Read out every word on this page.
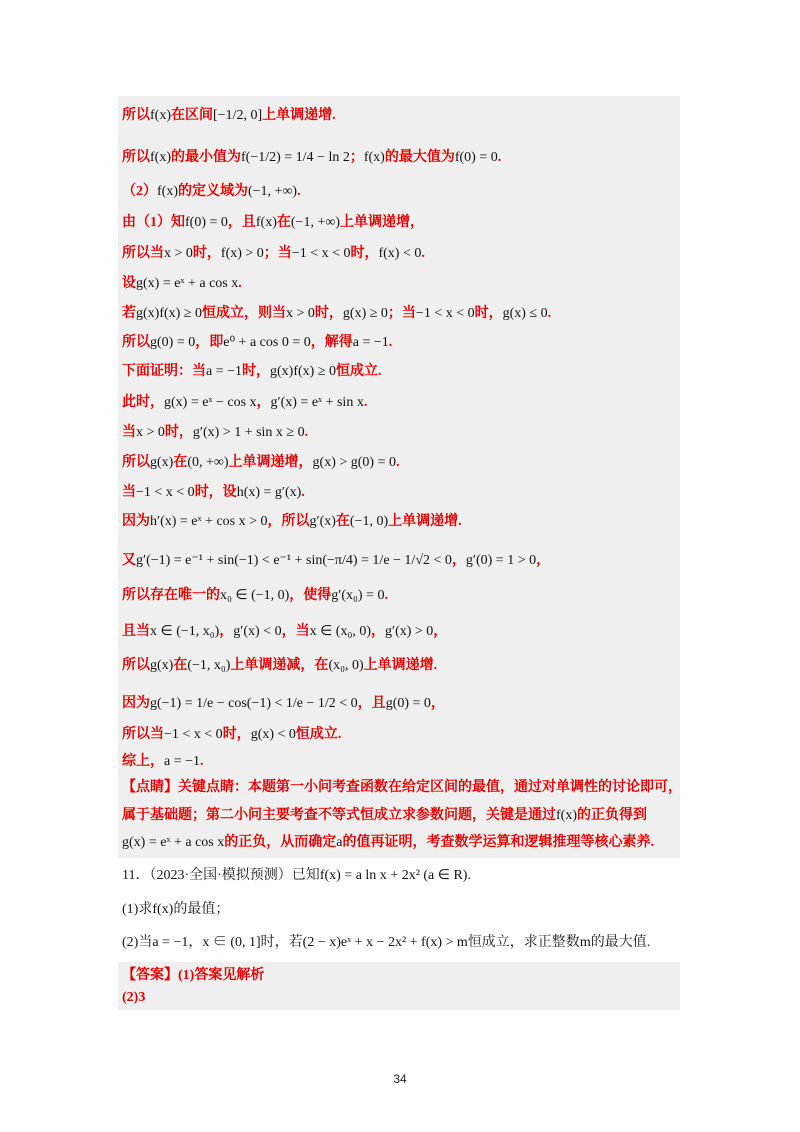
所以f(x)在区间[−1/2, 0]上单调递增.
所以f(x)的最小值为f(−1/2) = 1/4 − ln 2；f(x)的最大值为f(0) = 0.
（2）f(x)的定义域为(−1, +∞).
由（1）知f(0) = 0，且f(x)在(−1, +∞)上单调递增，
所以当x > 0时，f(x) > 0；当−1 < x < 0时，f(x) < 0.
设g(x) = eˣ + a cos x.
若g(x)f(x) ≥ 0恒成立，则当x > 0时，g(x) ≥ 0；当−1 < x < 0时，g(x) ≤ 0.
所以g(0) = 0，即e⁰ + a cos 0 = 0，解得a = −1.
下面证明：当a = −1时，g(x)f(x) ≥ 0恒成立.
此时，g(x) = eˣ − cos x，g′(x) = eˣ + sin x.
当x > 0时，g′(x) > 1 + sin x ≥ 0.
所以g(x)在(0, +∞)上单调递增，g(x) > g(0) = 0.
当−1 < x < 0时，设h(x) = g′(x).
因为h′(x) = eˣ + cos x > 0，所以g′(x)在(−1, 0)上单调递增.
又g′(−1) = e⁻¹ + sin(−1) < e⁻¹ + sin(−π/4) = 1/e − 1/√2 < 0，g′(0) = 1 > 0，
所以存在唯一的x₀ ∈ (−1, 0)，使得g′(x₀) = 0.
且当x ∈ (−1, x₀)，g′(x) < 0，当x ∈ (x₀, 0)，g′(x) > 0，
所以g(x)在(−1, x₀)上单调递减，在(x₀, 0)上单调递增.
因为g(−1) = 1/e − cos(−1) < 1/e − 1/2 < 0，且g(0) = 0，
所以当−1 < x < 0时，g(x) < 0恒成立.
综上，a = −1.
【点睛】关键点睛：本题第一小问考查函数在给定区间的最值，通过对单调性的讨论即可，
属于基础题；第二小问主要考查不等式恒成立求参数问题，关键是通过f(x)的正负得到
g(x) = eˣ + a cos x的正负，从而确定a的值再证明，考查数学运算和逻辑推理等核心素养.
11．（2023·全国·模拟预测）已知f(x) = a ln x + 2x² (a ∈ R).
(1)求f(x)的最值；
(2)当a = −1，x ∈ (0, 1]时，若(2 − x)eˣ + x − 2x² + f(x) > m恒成立，求正整数m的最大值.
【答案】(1)答案见解析
(2)3
34
